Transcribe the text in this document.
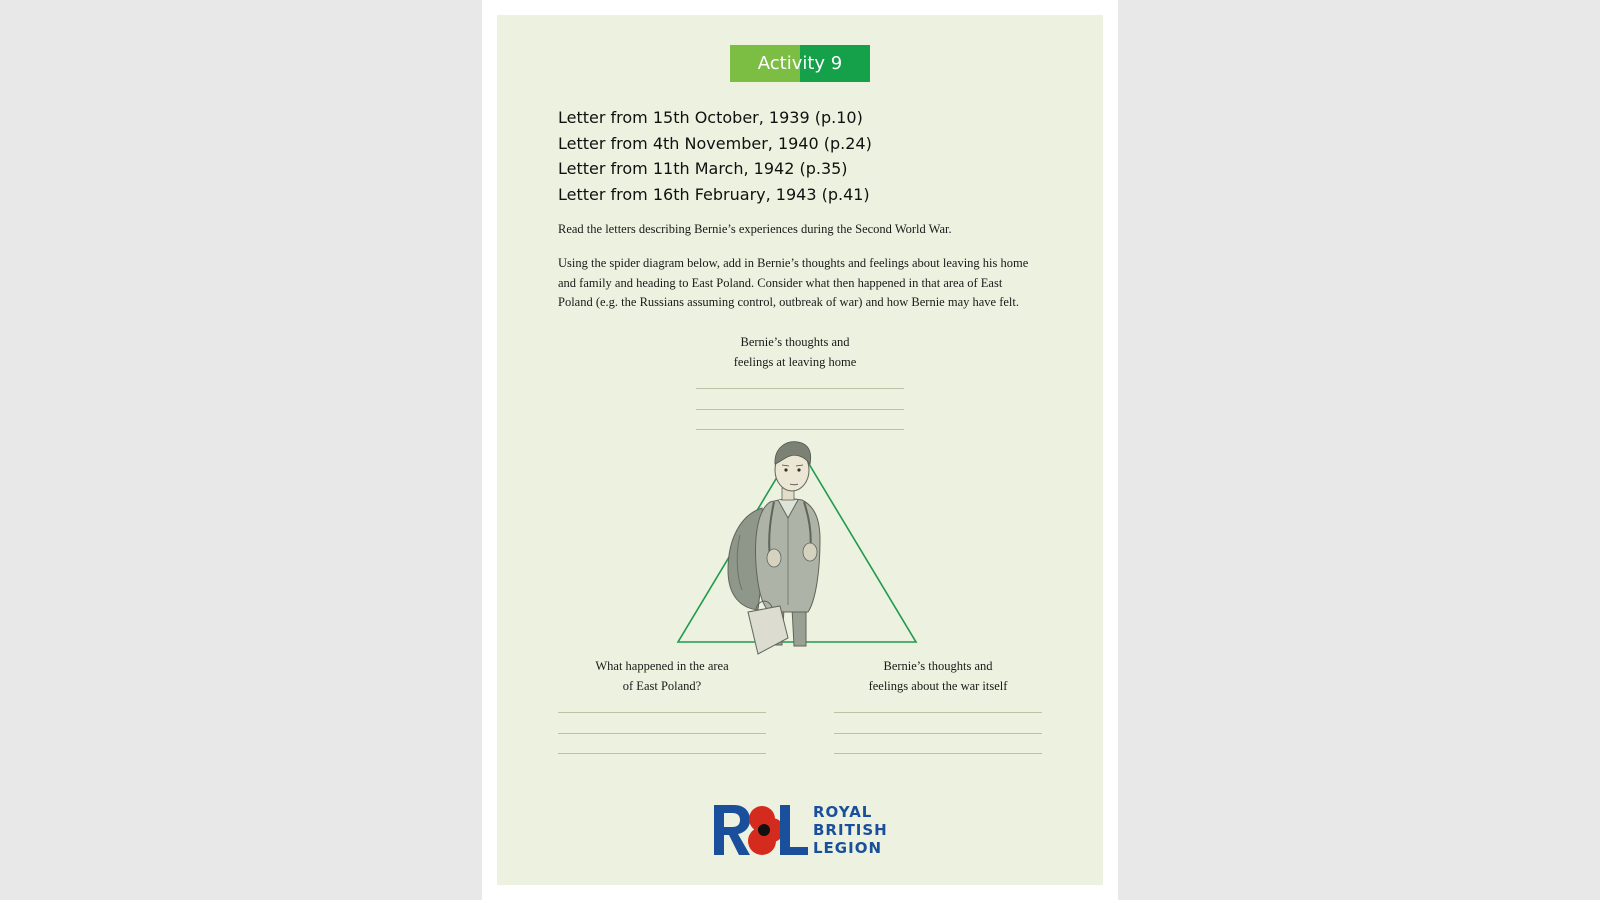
Activity 9
Letter from 15th October, 1939 (p.10)
Letter from 4th November, 1940 (p.24)
Letter from 11th March, 1942 (p.35)
Letter from 16th February, 1943 (p.41)

Read the letters describing Bernie’s experiences during the Second World War.

Using the spider diagram below, add in Bernie’s thoughts and feelings about leaving his home and family and heading to East Poland. Consider what then happened in that area of East Poland (e.g. the Russians assuming control, outbreak of war) and how Bernie may have felt.

Bernie’s thoughts and
feelings at leaving home
What happened in the area
of East Poland?
Bernie’s thoughts and
feelings about the war itself
ROYAL
BRITISH
LEGION
